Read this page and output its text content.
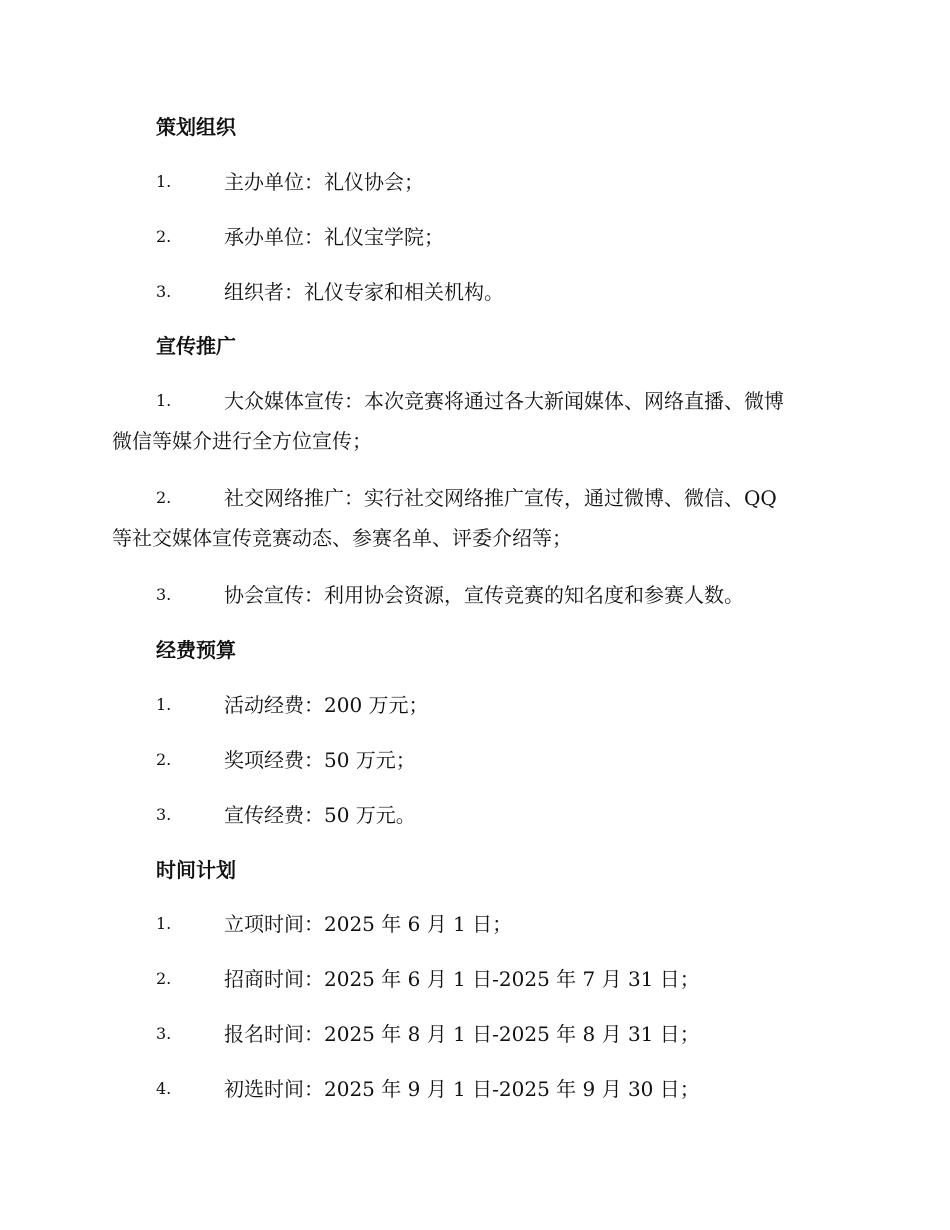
策划组织
1.	主办单位：礼仪协会；
2.	承办单位：礼仪宝学院；
3.	组织者：礼仪专家和相关机构。
宣传推广
1.	大众媒体宣传：本次竞赛将通过各大新闻媒体、网络直播、微博
微信等媒介进行全方位宣传；
2.	社交网络推广：实行社交网络推广宣传，通过微博、微信、QQ
等社交媒体宣传竞赛动态、参赛名单、评委介绍等；
3.	协会宣传：利用协会资源，宣传竞赛的知名度和参赛人数。
经费预算
1.	活动经费：200 万元；
2.	奖项经费：50 万元；
3.	宣传经费：50 万元。
时间计划
1.	立项时间：2025 年 6 月 1 日；
2.	招商时间：2025 年 6 月 1 日-2025 年 7 月 31 日；
3.	报名时间：2025 年 8 月 1 日-2025 年 8 月 31 日；
4.	初选时间：2025 年 9 月 1 日-2025 年 9 月 30 日；
